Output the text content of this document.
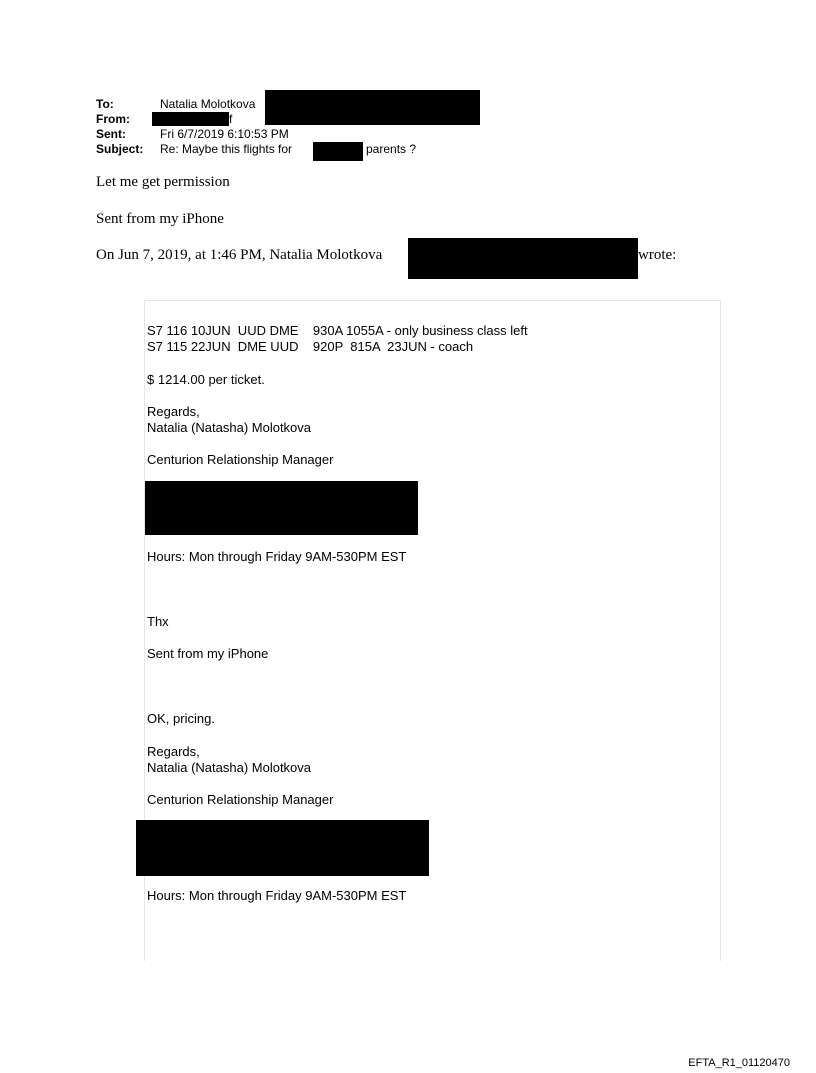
To:	Natalia Molotkova
From:	f
Sent:	Fri 6/7/2019 6:10:53 PM
Subject: Re: Maybe this flights for	parents ?
Let me get permission
Sent from my iPhone
On Jun 7, 2019, at 1:46 PM, Natalia Molotkova	wrote:
S7 116 10JUN  UUD DME    930A 1055A - only business class left
S7 115 22JUN  DME UUD    920P  815A  23JUN - coach
$ 1214.00 per ticket.
Regards,
Natalia (Natasha) Molotkova
Centurion Relationship Manager
Hours: Mon through Friday 9AM-530PM EST
Thx
Sent from my iPhone
OK, pricing.
Regards,
Natalia (Natasha) Molotkova
Centurion Relationship Manager
Hours: Mon through Friday 9AM-530PM EST
EFTA_R1_01120470
